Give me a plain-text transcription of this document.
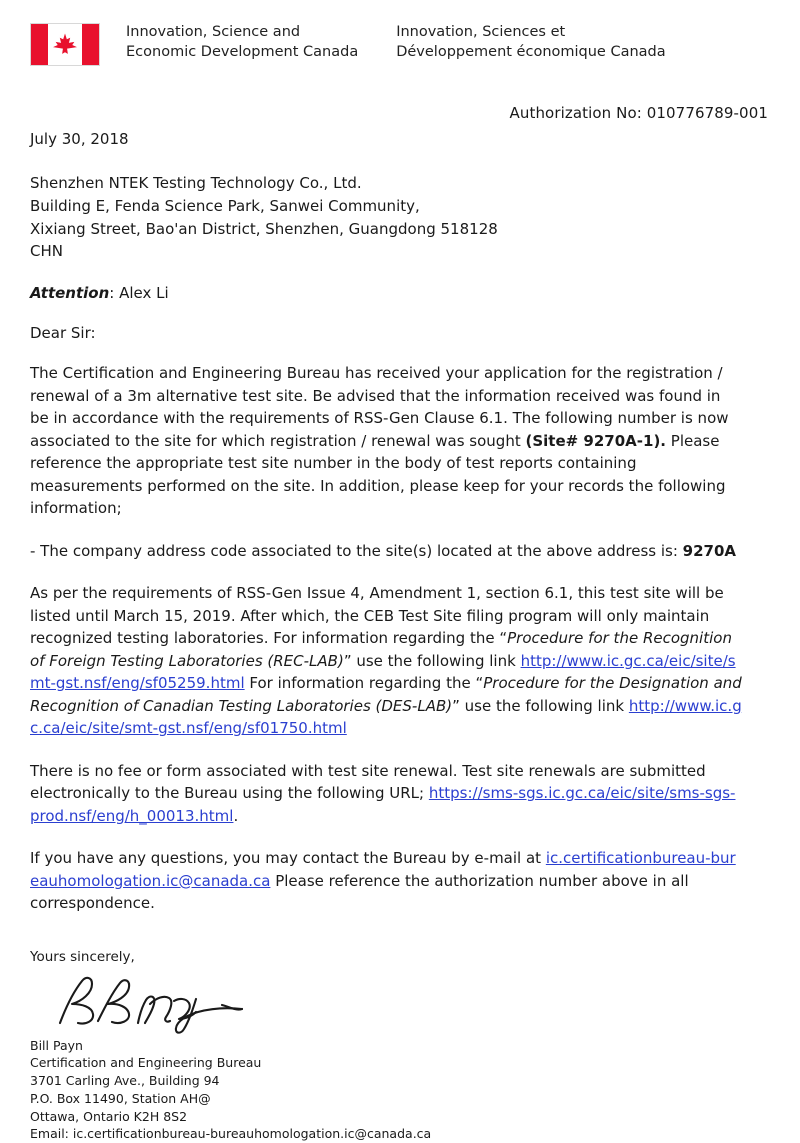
Innovation, Science and
Economic Development Canada
Innovation, Sciences et
Développement économique Canada
Authorization No: 010776789-001
July 30, 2018
Shenzhen NTEK Testing Technology Co., Ltd.
Building E, Fenda Science Park, Sanwei Community,
Xixiang Street, Bao'an District, Shenzhen, Guangdong 518128
CHN
Attention: Alex Li
Dear Sir:

The Certification and Engineering Bureau has received your application for the registration / renewal of a 3m alternative test site. Be advised that the information received was found in be in accordance with the requirements of RSS-Gen Clause 6.1. The following number is now associated to the site for which registration / renewal was sought (Site# 9270A-1). Please reference the appropriate test site number in the body of test reports containing measurements performed on the site. In addition, please keep for your records the following information;

- The company address code associated to the site(s) located at the above address is: 9270A

As per the requirements of RSS-Gen Issue 4, Amendment 1, section 6.1, this test site will be listed until March 15, 2019. After which, the CEB Test Site filing program will only maintain recognized testing laboratories. For information regarding the “Procedure for the Recognition of Foreign Testing Laboratories (REC-LAB)” use the following link http://www.ic.gc.ca/eic/site/smt-gst.nsf/eng/sf05259.html For information regarding the “Procedure for the Designation and Recognition of Canadian Testing Laboratories (DES-LAB)” use the following link http://www.ic.gc.ca/eic/site/smt-gst.nsf/eng/sf01750.html

There is no fee or form associated with test site renewal. Test site renewals are submitted electronically to the Bureau using the following URL; https://sms-sgs.ic.gc.ca/eic/site/sms-sgs-prod.nsf/eng/h_00013.html.

If you have any questions, you may contact the Bureau by e-mail at ic.certificationbureau-bureauhomologation.ic@canada.ca Please reference the authorization number above in all correspondence.

Yours sincerely,
Bill Payn
Certification and Engineering Bureau
3701 Carling Ave., Building 94
P.O. Box 11490, Station AH@
Ottawa, Ontario K2H 8S2
Email: ic.certificationbureau-bureauhomologation.ic@canada.ca
